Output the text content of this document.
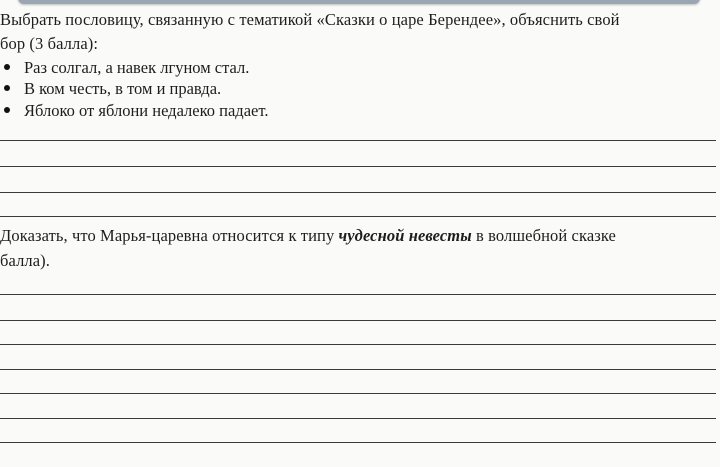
Выбрать пословицу, связанную с тематикой «Сказки о царе Берендее», объяснить свой
бор (3 балла):
Раз солгал, а навек лгуном стал.
В ком честь, в том и правда.
Яблоко от яблони недалеко падает.
Доказать, что Марья-царевна относится к типу чудесной невесты в волшебной сказке
балла).
